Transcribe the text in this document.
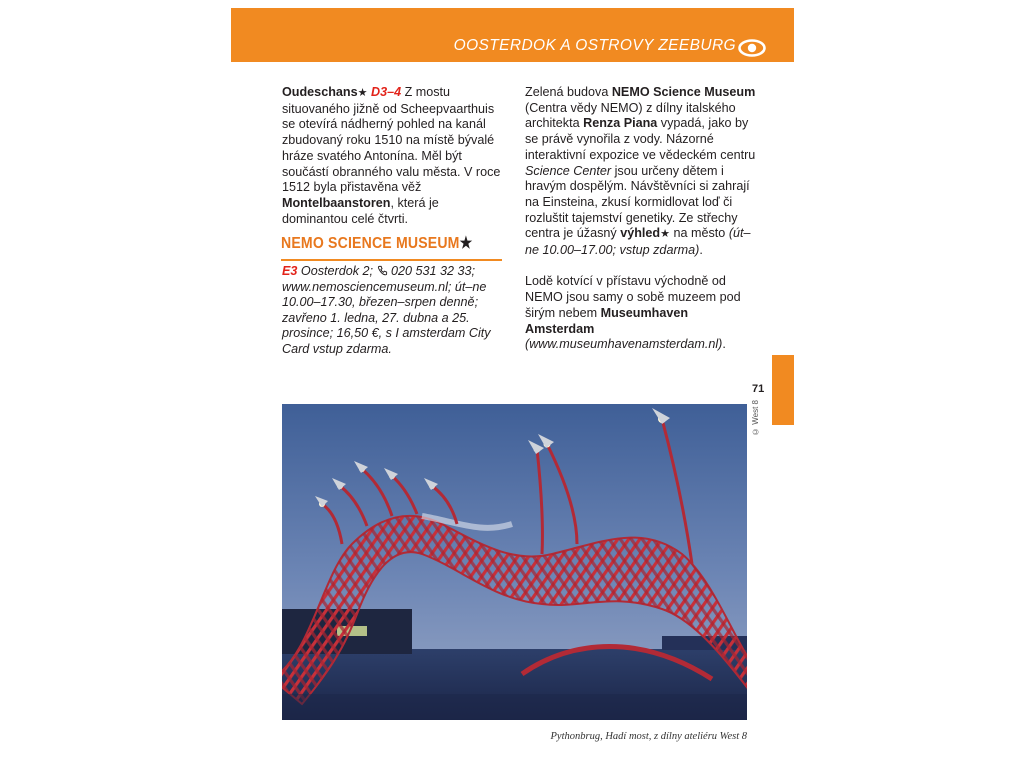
OOSTERDOK A OSTROVY ZEEBURG
71
© West 8

Oudeschans★ D3–4 Z mostu situovaného jižně od Scheepvaarthuis se otevírá nádherný pohled na kanál zbudovaný roku 1510 na místě bývalé hráze svatého Antonína. Měl být součástí obranného valu města. V roce 1512 byla přistavěna věž Montelbaanstoren, která je dominantou celé čtvrti.

NEMO SCIENCE MUSEUM★
E3 Oosterdok 2;  020 531 32 33; www.nemosciencemuseum.nl; út–ne 10.00–17.30, březen–srpen denně; zavřeno 1. ledna, 27. dubna a 25. prosince; 16,50 €, s I amsterdam City Card vstup zdarma.

Zelená budova NEMO Science Museum (Centra vědy NEMO) z dílny italského architekta Renza Piana vypadá, jako by se právě vynořila z vody. Názorné interaktivní expozice ve vědeckém centru Science Center jsou určeny dětem i hravým dospělým. Návštěvníci si zahrají na Einsteina, zkusí kormidlovat loď či rozluštit tajemství genetiky. Ze střechy centra je úžasný výhled★ na město (út–ne 10.00–17.00; vstup zdarma).

Lodě kotvící v přístavu východně od NEMO jsou samy o sobě muzeem pod širým nebem Museumhaven Amsterdam (www.museumhavenamsterdam.nl).

Pythonbrug, Hadí most, z dílny ateliéru West 8
